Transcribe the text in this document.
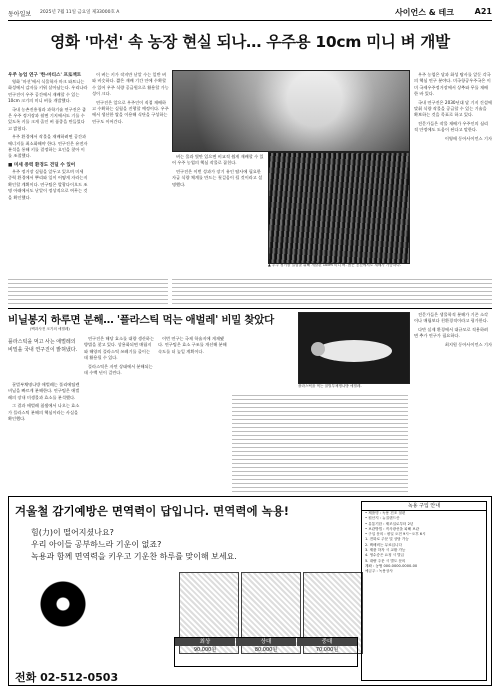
동아일보 2025년 7월 11일 금요일 제33000호 A	사이언스 & 테크	A21
영화 '마션' 속 농장 현실 되나… 우주용 10cm 미니 벼 개발
우주 농업 연구 '한-마티스' 프로젝트

영화 '마션'에서 식물학자 마크 와트니는 화성에서 감자를 키워 살아남는다. 우리나라 연구진이 우주 공간에서 재배할 수 있는 10cm 크기의 미니 벼를 개발했다.

국내 농촌진흥청과 과학기술 연구진은 좁은 우주 정거장과 월면 기지에서도 기를 수 있도록 키를 크게 줄인 벼 품종을 만들었다고 밝혔다.

우주 환경에서 작물을 재배하려면 공간과 에너지를 최소화해야 한다. 연구진은 유전자 분석을 통해 키를 결정하는 요인을 찾아 이를 조절했다.

■ 미세 중력 환경도 견딜 수 있어

우주 정거장 실험을 앞두고 있으며 미세 중력 환경에서 뿌리와 잎이 어떻게 자라는지 확인할 계획이다. 연구팀은 발광다이오드 조명 아래에서도 낟알이 정상적으로 여무는 것을 확인했다.

이 벼는 키가 작지만 낟알 수는 일반 벼와 비슷하다. 짧은 재배 기간 안에 수확할 수 있어 우주 식량 공급원으로 활용할 가능성이 크다.

연구진은 앞으로 우주인이 직접 재배하고 수확하는 실험을 진행할 예정이다. 우주에서 생산한 쌀을 이용해 식단을 구성하는 연구도 이어간다.

벼는 물과 빛만 있으면 비교적 쉽게 재배할 수 있어 우주 농업의 핵심 작물로 꼽힌다.

연구진은 이번 성과가 장기 유인 탐사에 필요한 자급 식량 체계를 만드는 첫걸음이 될 것이라고 설명했다.

▲ 우주 정거장 실험을 위해 개발된 10cm 미니 벼. 좁은 공간에서도 재배가 가능하다.

우주 농업은 달과 화성 탐사를 앞둔 각국의 핵심 연구 분야다. 미국항공우주국은 이미 국제우주정거장에서 상추와 무를 재배한 바 있다.

국내 연구진은 2030년대 달 기지 건설에 맞춰 식량 작물을 공급할 수 있는 기술을 확보하는 것을 목표로 하고 있다.

전문가들은 작물 재배가 우주인의 심리적 안정에도 도움이 된다고 말한다.

이영애 동아사이언스 기자

비닐봉지 하루면 분해… '플라스틱 먹는 애벌레' 비밀 찾았다
(백과사전 크기의 애벌레)
플라스틱을 먹고 사는 애벌레의 비밀을 국내 연구진이 밝혀냈다.

꿀벌부채명나방 애벌레는 폴리에틸렌 비닐을 빠르게 분해한다. 연구팀은 애벌레의 장내 미생물과 효소를 분석했다.

그 결과 애벌레 침샘에서 나오는 효소가 플라스틱 분해의 핵심이라는 사실을 확인했다.

연구진은 해당 효소를 대량 생산하는 방법을 찾고 있다. 상용화되면 매립지와 해양의 플라스틱 쓰레기를 줄이는 데 활용될 수 있다.

플라스틱은 자연 상태에서 분해되는 데 수백 년이 걸린다.

이번 연구는 국제 학술지에 게재됐다. 연구팀은 효소 구조를 개선해 분해 속도를 더 높일 계획이다.

플라스틱을 먹는 꿀벌부채명나방 애벌레.

전문가들은 생물학적 분해가 기존 소각이나 매립보다 친환경적이라고 평가한다.

다만 실제 환경에서 대규모로 적용하려면 추가 연구가 필요하다.

최지원 동아사이언스 기자

겨울철 감기예방은 면역력이 답입니다. 면역력에 녹용!
힘(力)이 떨어지셨나요?
우리 아이들 공부하느라 기운이 없죠?
녹용과 함께 면역력을 키우고 기운찬 하루를 맞이해 보세요.
최상
90,000원
상대
80,000원
중대
70,000원
전화 02-512-0503
녹용 구입 안내
• 제품명 : 녹용 건조 절편
• 원산지 : 뉴질랜드산
• 유통기한 : 제조일로부터 2년
• 보관방법 : 직사광선을 피해 보관
• 구입 문의 : 평일 오전 9시~오후 6시
1. 전화로 주문 및 상담 가능
2. 택배비는 무료입니다
3. 제품 하자 시 교환 가능
4. 영수증은 요청 시 발급
5. 대량 주문 시 별도 문의
계좌 : 농협 000-0000-0000-00
예금주 : 녹용상사
